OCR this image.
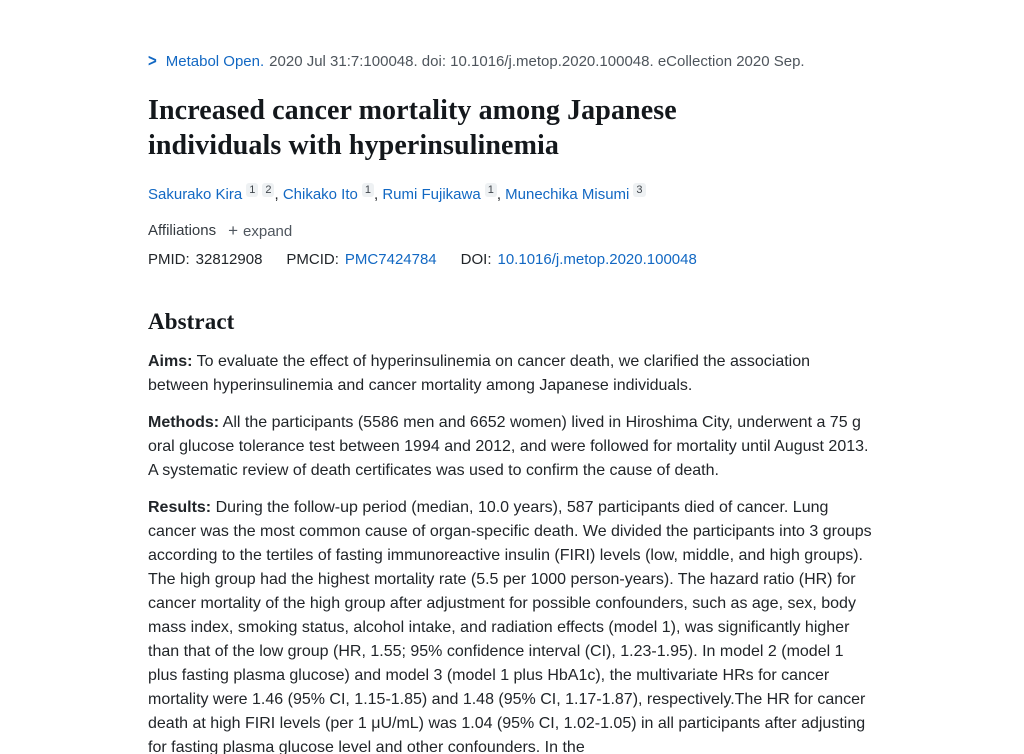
> Metabol Open. 2020 Jul 31:7:100048. doi: 10.1016/j.metop.2020.100048. eCollection 2020 Sep.
Increased cancer mortality among Japanese individuals with hyperinsulinemia
Sakurako Kira $^1$ $^2$ , Chikako Ito $^1$ , Rumi Fujikawa $^1$ , Munechika Misumi $^3$
Affiliations + expand
PMID: 32812908 PMCID: PMC7424784 DOI: 10.1016/j.metop.2020.100048
Abstract

Aims: To evaluate the effect of hyperinsulinemia on cancer death, we clarified the association between hyperinsulinemia and cancer mortality among Japanese individuals.

Methods: All the participants (5586 men and 6652 women) lived in Hiroshima City, underwent a 75 g oral glucose tolerance test between 1994 and 2012, and were followed for mortality until August 2013. A systematic review of death certificates was used to confirm the cause of death.

Results: During the follow-up period (median, 10.0 years), 587 participants died of cancer. Lung cancer was the most common cause of organ-specific death. We divided the participants into 3 groups according to the tertiles of fasting immunoreactive insulin (FIRI) levels (low, middle, and high groups). The high group had the highest mortality rate (5.5 per 1000 person-years). The hazard ratio (HR) for cancer mortality of the high group after adjustment for possible confounders, such as age, sex, body mass index, smoking status, alcohol intake, and radiation effects (model 1), was significantly higher than that of the low group (HR, 1.55; 95% confidence interval (CI), 1.23-1.95). In model 2 (model 1 plus fasting plasma glucose) and model 3 (model 1 plus HbA1c), the multivariate HRs for cancer mortality were 1.46 (95% CI, 1.15-1.85) and 1.48 (95% CI, 1.17-1.87), respectively.The HR for cancer death at high FIRI levels (per 1 μU/mL) was 1.04 (95% CI, 1.02-1.05) in all participants after adjusting for fasting plasma glucose level and other confounders. In the
